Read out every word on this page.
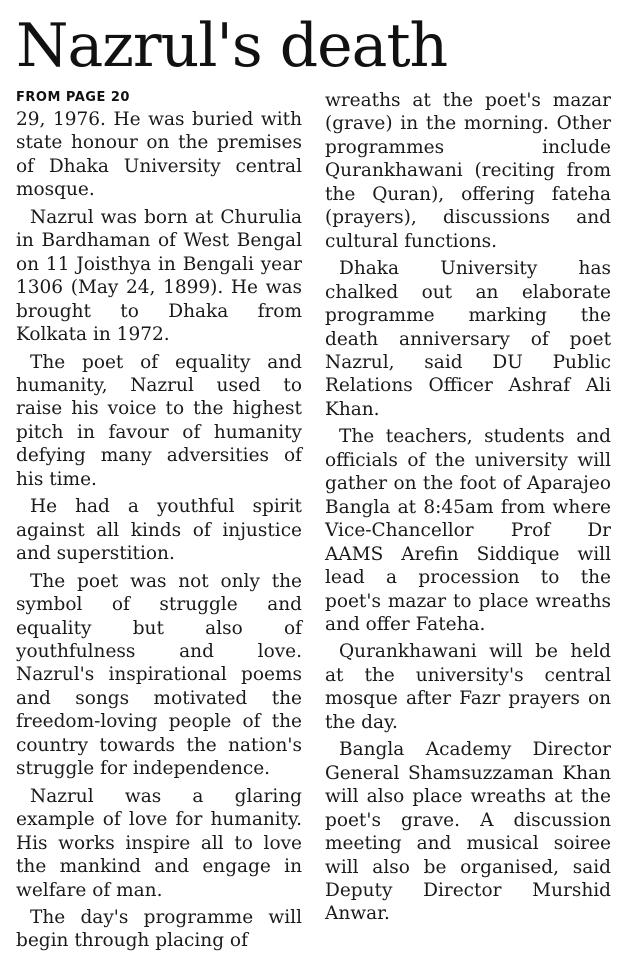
Nazrul's death
FROM PAGE 20

29, 1976. He was buried with state honour on the premises of Dhaka University central mosque.

Nazrul was born at Churulia in Bardhaman of West Bengal on 11 Joisthya in Bengali year 1306 (May 24, 1899). He was brought to Dhaka from Kolkata in 1972.

The poet of equality and humanity, Nazrul used to raise his voice to the highest pitch in favour of humanity defying many adversities of his time.

He had a youthful spirit against all kinds of injustice and superstition.

The poet was not only the symbol of struggle and equality but also of youthfulness and love. Nazrul's inspirational poems and songs motivated the freedom-loving people of the country towards the nation's struggle for independence.

Nazrul was a glaring example of love for humanity. His works inspire all to love the mankind and engage in welfare of man.

The day's programme will begin through placing of

wreaths at the poet's mazar (grave) in the morning. Other programmes include Qurankhawani (reciting from the Quran), offering fateha (prayers), discussions and cultural functions.

Dhaka University has chalked out an elaborate programme marking the death anniversary of poet Nazrul, said DU Public Relations Officer Ashraf Ali Khan.

The teachers, students and officials of the university will gather on the foot of Aparajeo Bangla at 8:45am from where Vice-Chancellor Prof Dr AAMS Arefin Siddique will lead a procession to the poet's mazar to place wreaths and offer Fateha.

Qurankhawani will be held at the university's central mosque after Fazr prayers on the day.

Bangla Academy Director General Shamsuzzaman Khan will also place wreaths at the poet's grave. A discussion meeting and musical soiree will also be organised, said Deputy Director Murshid Anwar.
